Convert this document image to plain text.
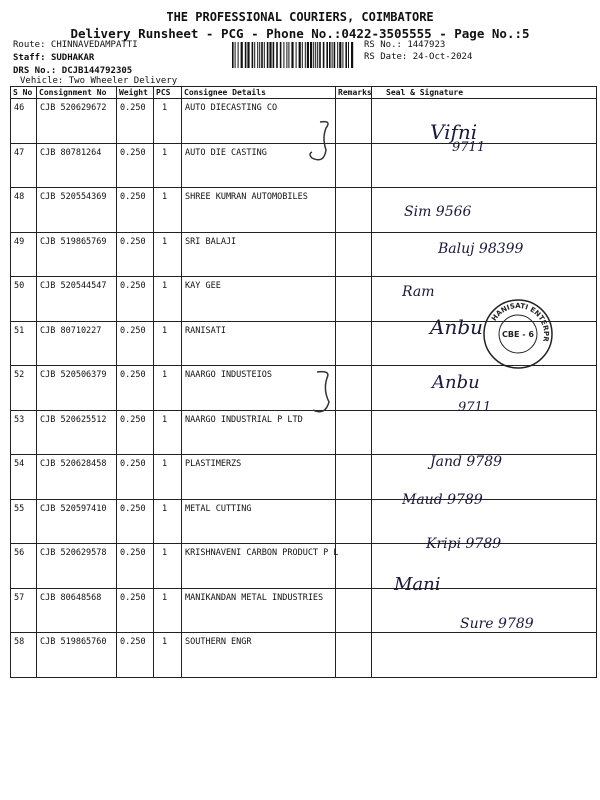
THE PROFESSIONAL COURIERS, COIMBATORE
Delivery Runsheet - PCG - Phone No.:0422-3505555 - Page No.:5
Route: CHINNAVEDAMPATTI
Staff: SUDHAKAR
DRS No.: DCJB144792305
Vehicle: Two Wheeler Delivery
RS No.: 1447923
RS Date: 24-Oct-2024
S No	Consignment No	Weight	PCS	Consignee Details	Remarks	Seal & Signature
46	CJB 520629672	0.250	1	AUTO DIECASTING CO		
47	CJB 80781264	0.250	1	AUTO DIE CASTING		
48	CJB 520554369	0.250	1	SHREE KUMRAN AUTOMOBILES		
49	CJB 519865769	0.250	1	SRI BALAJI		
50	CJB 520544547	0.250	1	KAY GEE		
51	CJB 80710227	0.250	1	RANISATI		
52	CJB 520506379	0.250	1	NAARGO INDUSTEIOS		
53	CJB 520625512	0.250	1	NAARGO INDUSTRIAL P LTD		
54	CJB 520628458	0.250	1	PLASTIMERZS		
55	CJB 520597410	0.250	1	METAL CUTTING		
56	CJB 520629578	0.250	1	KRISHNAVENI CARBON PRODUCT P L		
57	CJB 80648568	0.250	1	MANIKANDAN METAL INDUSTRIES		
58	CJB 519865760	0.250	1	SOUTHERN ENGR		
HANISATI ENTERPR
CBE - 6
Vifni
9711
Sim 9566
Baluj 98399
Ram
Anbu
Anbu
9711
Jand 9789
Maud 9789
Kripi 9789
Mani
Sure 9789
